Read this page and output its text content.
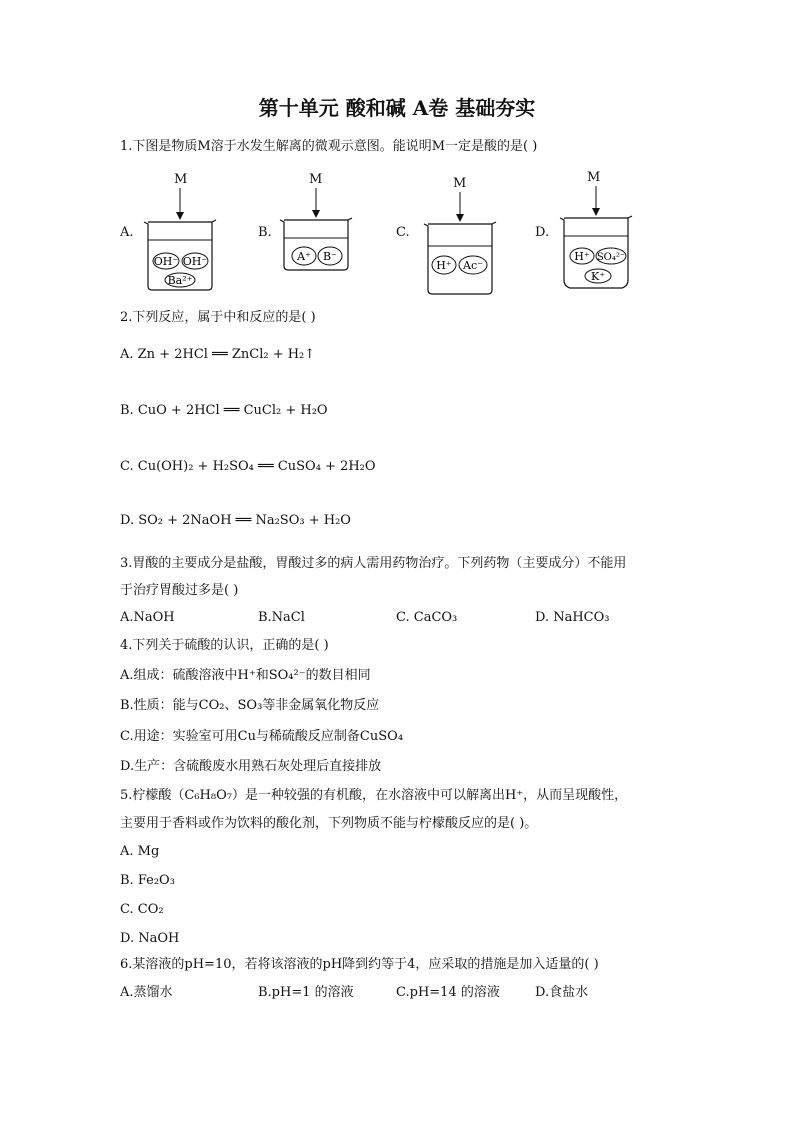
第十单元 酸和碱 A卷 基础夯实
1.下图是物质M溶于水发生解离的微观示意图。能说明M一定是酸的是( )
A.
M
OH⁻ OH⁻
Ba²⁺
B.
M
A⁺ B⁻
C.
M
H⁺ Ac⁻
D.
M
H⁺ SO₄²⁻
K⁺
2.下列反应，属于中和反应的是( )
A. Zn + 2HCl ══ ZnCl₂ + H₂↑
B. CuO + 2HCl ══ CuCl₂ + H₂O
C. Cu(OH)₂ + H₂SO₄ ══ CuSO₄ + 2H₂O
D. SO₂ + 2NaOH ══ Na₂SO₃ + H₂O
3.胃酸的主要成分是盐酸，胃酸过多的病人需用药物治疗。下列药物（主要成分）不能用
于治疗胃酸过多是( )
A.NaOH	B.NaCl	C. CaCO₃	D. NaHCO₃
4.下列关于硫酸的认识，正确的是( )
A.组成：硫酸溶液中H⁺和SO₄²⁻的数目相同
B.性质：能与CO₂、SO₃等非金属氧化物反应
C.用途：实验室可用Cu与稀硫酸反应制备CuSO₄
D.生产：含硫酸废水用熟石灰处理后直接排放
5.柠檬酸（C₆H₈O₇）是一种较强的有机酸，在水溶液中可以解离出H⁺，从而呈现酸性，
主要用于香料或作为饮料的酸化剂，下列物质不能与柠檬酸反应的是( )。
A. Mg
B. Fe₂O₃
C. CO₂
D. NaOH
6.某溶液的pH=10，若将该溶液的pH降到约等于4，应采取的措施是加入适量的( )
A.蒸馏水	B.pH=1 的溶液	C.pH=14 的溶液	D.食盐水
